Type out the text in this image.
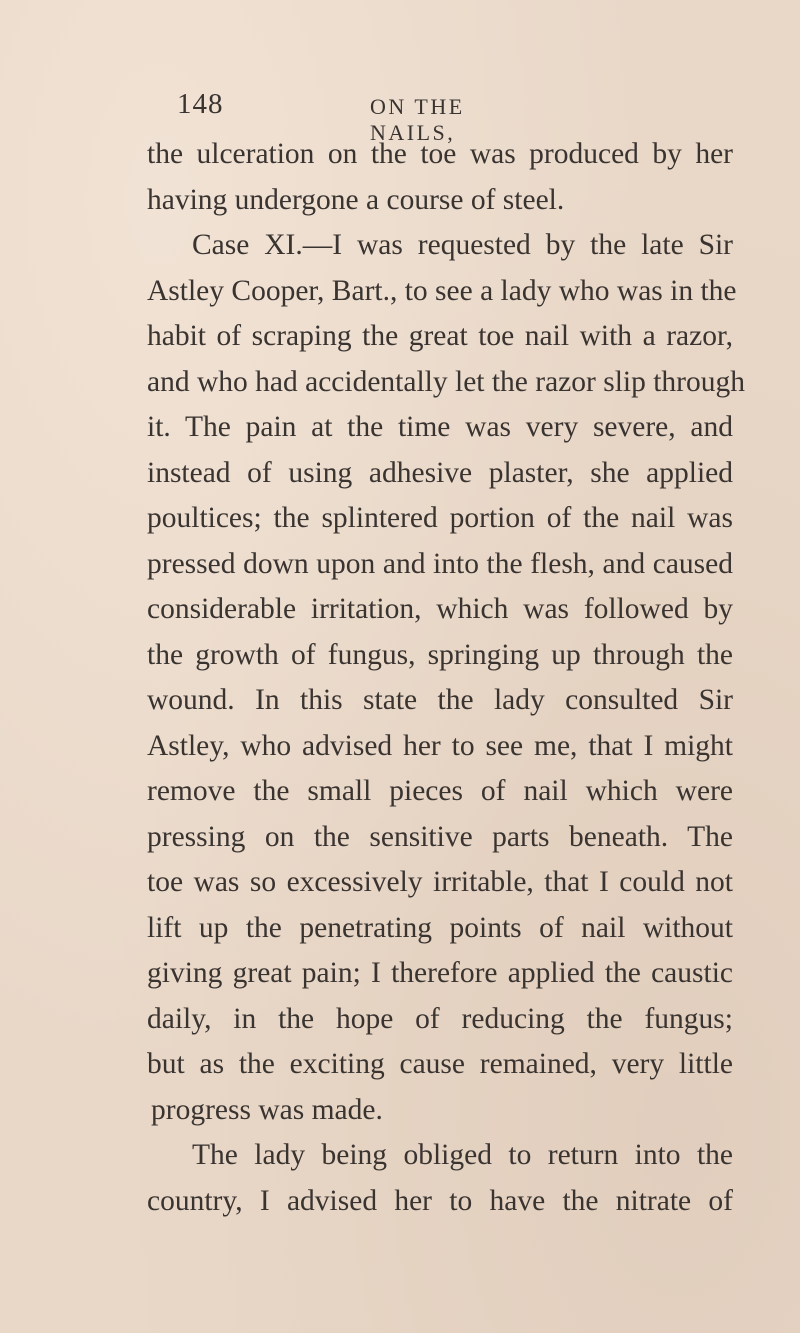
148	ON THE NAILS,
the ulceration on the toe was produced by her
having undergone a course of steel.
Case XI.—I was requested by the late Sir
Astley Cooper, Bart., to see a lady who was in the
habit of scraping the great toe nail with a razor,
and who had accidentally let the razor slip through
it. The pain at the time was very severe, and
instead of using adhesive plaster, she applied
poultices; the splintered portion of the nail was
pressed down upon and into the flesh, and caused
considerable irritation, which was followed by
the growth of fungus, springing up through the
wound. In this state the lady consulted Sir
Astley, who advised her to see me, that I might
remove the small pieces of nail which were
pressing on the sensitive parts beneath. The
toe was so excessively irritable, that I could not
lift up the penetrating points of nail without
giving great pain; I therefore applied the caustic
daily, in the hope of reducing the fungus;
but as the exciting cause remained, very little
progress was made.
The lady being obliged to return into the
country, I advised her to have the nitrate of
